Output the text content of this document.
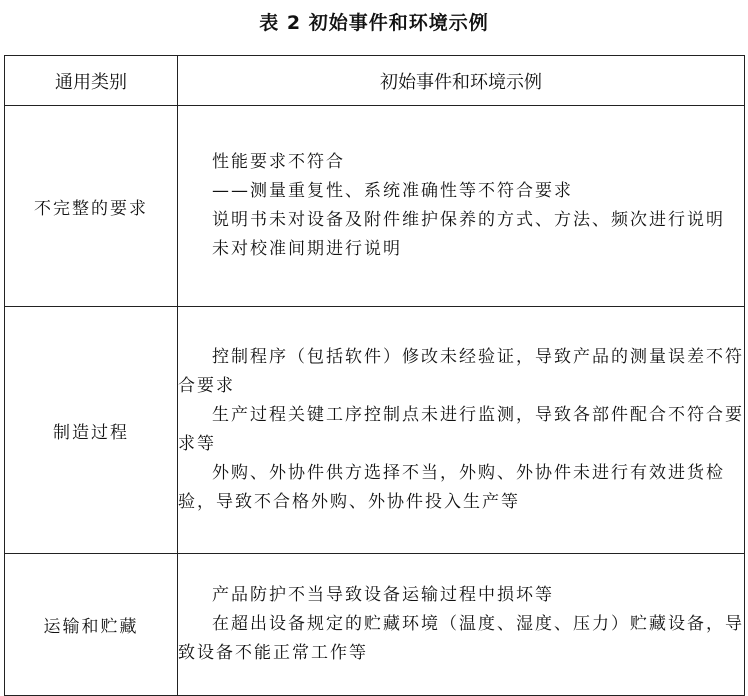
表 2 初始事件和环境示例
通用类别	初始事件和环境示例
不完整的要求	性能要求不符合

——测量重复性、系统准确性等不符合要求

说明书未对设备及附件维护保养的方式、方法、频次进行说明

未对校准间期进行说明

制造过程	控制程序（包括软件）修改未经验证，导致产品的测量误差不符合要求

生产过程关键工序控制点未进行监测，导致各部件配合不符合要求等

外购、外协件供方选择不当，外购、外协件未进行有效进货检验，导致不合格外购、外协件投入生产等

运输和贮藏	产品防护不当导致设备运输过程中损坏等

在超出设备规定的贮藏环境（温度、湿度、压力）贮藏设备，导致设备不能正常工作等
